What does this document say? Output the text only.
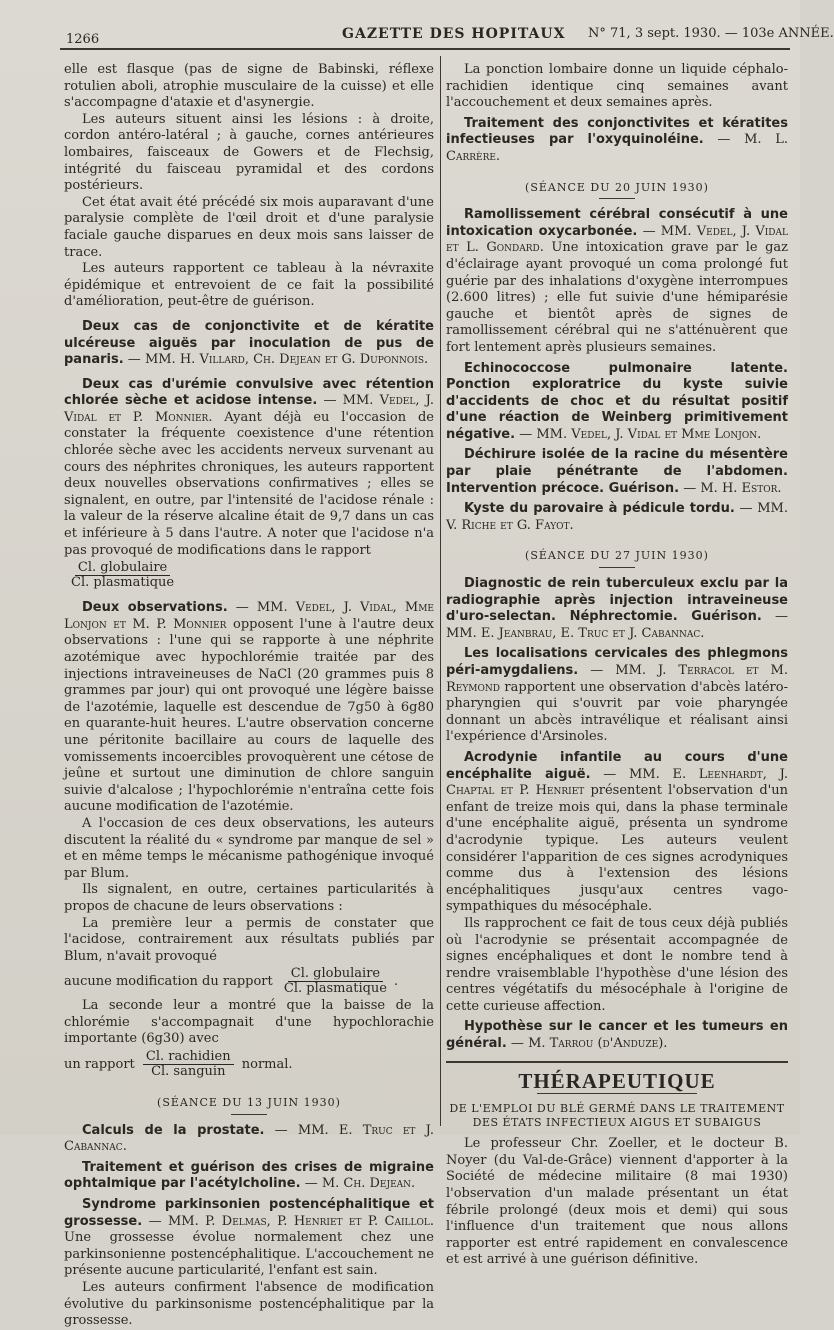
1266	GAZETTE DES HOPITAUX N° 71, 3 sept. 1930. — 103e ANNÉE.

elle est flasque (pas de signe de Babinski, réflexe rotulien aboli, atrophie musculaire de la cuisse) et elle s'accompagne d'ataxie et d'asynergie.

Les auteurs situent ainsi les lésions : à droite, cordon antéro-latéral ; à gauche, cornes antérieures lombaires, faisceaux de Gowers et de Flechsig, intégrité du faisceau pyramidal et des cordons postérieurs.

Cet état avait été précédé six mois auparavant d'une paralysie complète de l'œil droit et d'une paralysie faciale gauche disparues en deux mois sans laisser de trace.

Les auteurs rapportent ce tableau à la névraxite épidémique et entrevoient de ce fait la possibilité d'amélioration, peut-être de guérison.

Deux cas de conjonctivite et de kératite ulcéreuse aiguës par inoculation de pus de panaris. — MM. H. Villard, Ch. Dejean et G. Duponnois.

Deux cas d'urémie convulsive avec rétention chlorée sèche et acidose intense. — MM. Vedel, J. Vidal et P. Monnier. Ayant déjà eu l'occasion de constater la fréquente coexistence d'une rétention chlorée sèche avec les accidents nerveux survenant au cours des néphrites chroniques, les auteurs rapportent deux nouvelles observations confirmatives ; elles se signalent, en outre, par l'intensité de l'acidose rénale : la valeur de la réserve alcaline était de 9,7 dans un cas et inférieure à 5 dans l'autre. A noter que l'acidose n'a pas provoqué de modifications dans le rapport

$\frac{\text{Cl. globulaire}}{\text{Cl. plasmatique}}$

Deux observations. — MM. Vedel, J. Vidal, Mme Lonjon et M. P. Monnier opposent l'une à l'autre deux observations : l'une qui se rapporte à une néphrite azotémique avec hypochlorémie traitée par des injections intraveineuses de NaCl (20 grammes puis 8 grammes par jour) qui ont provoqué une légère baisse de l'azotémie, laquelle est descendue de 7g50 à 6g80 en quarante-huit heures. L'autre observation concerne une péritonite bacillaire au cours de laquelle des vomissements incoercibles provoquèrent une cétose de jeûne et surtout une diminution de chlore sanguin suivie d'alcalose ; l'hypochlorémie n'entraîna cette fois aucune modification de l'azotémie.

A l'occasion de ces deux observations, les auteurs discutent la réalité du « syndrome par manque de sel » et en même temps le mécanisme pathogénique invoqué par Blum.

Ils signalent, en outre, certaines particularités à propos de chacune de leurs observations :

La première leur a permis de constater que l'acidose, contrairement aux résultats publiés par Blum, n'avait provoqué

aucune modification du rapport $\frac{\text{Cl. globulaire}}{\text{Cl. plasmatique}}$ .

La seconde leur a montré que la baisse de la chlorémie s'accompagnait d'une hypochlorachie importante (6g30) avec

un rapport $\frac{\text{Cl. rachidien}}{\text{Cl. sanguin}}$ normal.

(SÉANCE DU 13 JUIN 1930)

Calculs de la prostate. — MM. E. Truc et J. Cabannac.

Traitement et guérison des crises de migraine ophtalmique par l'acétylcholine. — M. Ch. Dejean.

Syndrome parkinsonien postencéphalitique et grossesse. — MM. P. Delmas, P. Henriet et P. Caillol. Une grossesse évolue normalement chez une parkinsonienne postencéphalitique. L'accouchement ne présente aucune particularité, l'enfant est sain.

Les auteurs confirment l'absence de modification évolutive du parkinsonisme postencéphalitique par la grossesse.

La ponction lombaire donne un liquide céphalo-rachidien identique cinq semaines avant l'accouchement et deux semaines après.

Traitement des conjonctivites et kératites infectieuses par l'oxyquinoléine. — M. L. Carrère.

(SÉANCE DU 20 JUIN 1930)

Ramollissement cérébral consécutif à une intoxication oxycarbonée. — MM. Vedel, J. Vidal et L. Gondard. Une intoxication grave par le gaz d'éclairage ayant provoqué un coma prolongé fut guérie par des inhalations d'oxygène interrompues (2.600 litres) ; elle fut suivie d'une hémiparésie gauche et bientôt après de signes de ramollissement cérébral qui ne s'atténuèrent que fort lentement après plusieurs semaines.

Echinococcose pulmonaire latente. Ponction exploratrice du kyste suivie d'accidents de choc et du résultat positif d'une réaction de Weinberg primitivement négative. — MM. Vedel, J. Vidal et Mme Lonjon.

Déchirure isolée de la racine du mésentère par plaie pénétrante de l'abdomen. Intervention précoce. Guérison. — M. H. Estor.

Kyste du parovaire à pédicule tordu. — MM. V. Riche et G. Fayot.

(SÉANCE DU 27 JUIN 1930)

Diagnostic de rein tuberculeux exclu par la radiographie après injection intraveineuse d'uro-selectan. Néphrectomie. Guérison. — MM. E. Jeanbrau, E. Truc et J. Cabannac.

Les localisations cervicales des phlegmons péri-amygdaliens. — MM. J. Terracol et M. Reymond rapportent une observation d'abcès latéro-pharyngien qui s'ouvrit par voie pharyngée donnant un abcès intravélique et réalisant ainsi l'expérience d'Arsinoles.

Acrodynie infantile au cours d'une encéphalite aiguë. — MM. E. Leenhardt, J. Chaptal et P. Henriet présentent l'observation d'un enfant de treize mois qui, dans la phase terminale d'une encéphalite aiguë, présenta un syndrome d'acrodynie typique. Les auteurs veulent considérer l'apparition de ces signes acrodyniques comme dus à l'extension des lésions encéphalitiques jusqu'aux centres vago-sympathiques du mésocéphale.

Ils rapprochent ce fait de tous ceux déjà publiés où l'acrodynie se présentait accompagnée de signes encéphaliques et dont le nombre tend à rendre vraisemblable l'hypothèse d'une lésion des centres végétatifs du mésocéphale à l'origine de cette curieuse affection.

Hypothèse sur le cancer et les tumeurs en général. — M. Tarrou (d'Anduze).

THÉRAPEUTIQUE

DE L'EMPLOI DU BLÉ GERMÉ DANS LE TRAITEMENT DES ÉTATS INFECTIEUX AIGUS ET SUBAIGUS

Le professeur Chr. Zoeller, et le docteur B. Noyer (du Val-de-Grâce) viennent d'apporter à la Société de médecine militaire (8 mai 1930) l'observation d'un malade présentant un état fébrile prolongé (deux mois et demi) qui sous l'influence d'un traitement que nous allons rapporter est entré rapidement en convalescence et est arrivé à une guérison définitive.
